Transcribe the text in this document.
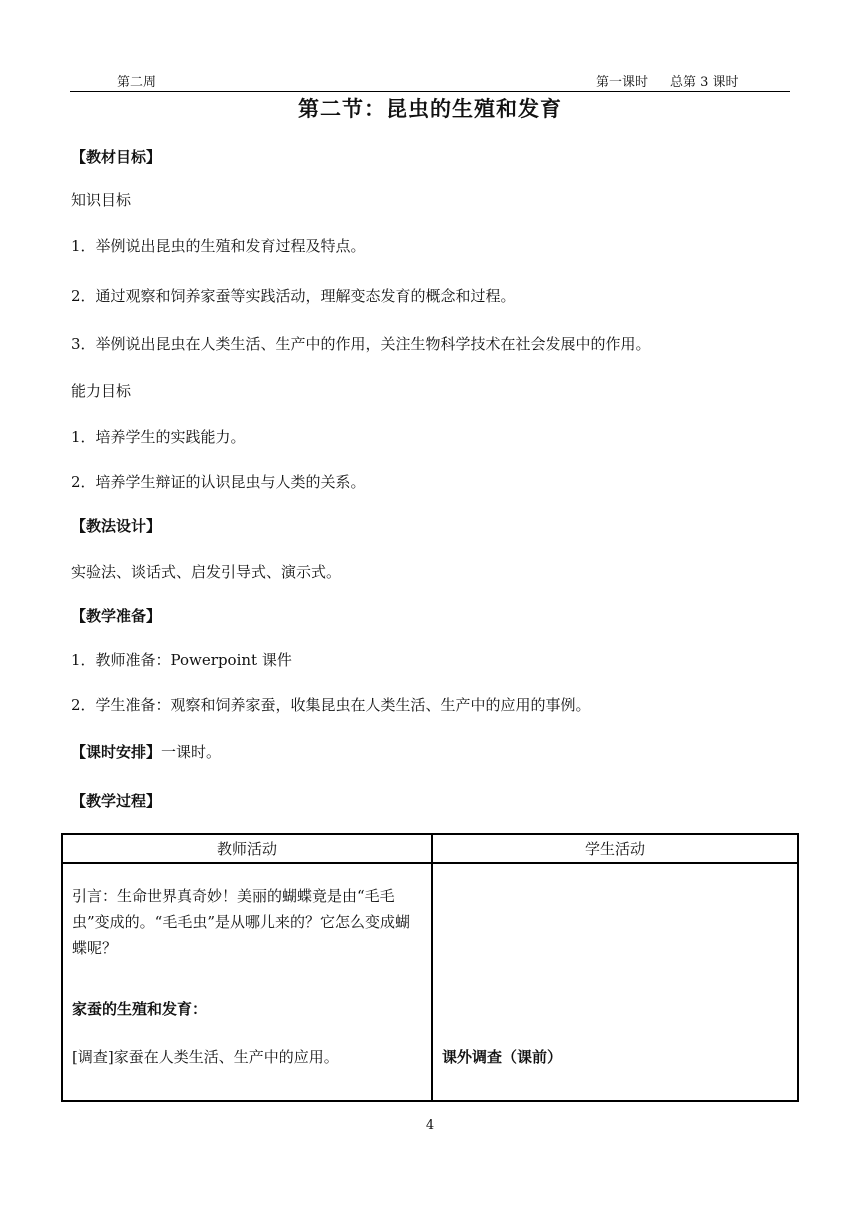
第二周	第一课时 总第 3 课时
第二节：昆虫的生殖和发育
【教材目标】
知识目标
1．举例说出昆虫的生殖和发育过程及特点。
2．通过观察和饲养家蚕等实践活动，理解变态发育的概念和过程。
3．举例说出昆虫在人类生活、生产中的作用，关注生物科学技术在社会发展中的作用。
能力目标
1．培养学生的实践能力。
2．培养学生辩证的认识昆虫与人类的关系。
【教法设计】
实验法、谈话式、启发引导式、演示式。
【教学准备】
1．教师准备：Powerpoint 课件
2．学生准备：观察和饲养家蚕，收集昆虫在人类生活、生产中的应用的事例。
【课时安排】一课时。
【教学过程】
教师活动	学生活动

引言：生命世界真奇妙！美丽的蝴蝶竟是由“毛毛虫”变成的。“毛毛虫”是从哪儿来的？它怎么变成蝴蝶呢？

家蚕的生殖和发育：

[调查]家蚕在人类生活、生产中的应用。	课外调查（课前）

4
